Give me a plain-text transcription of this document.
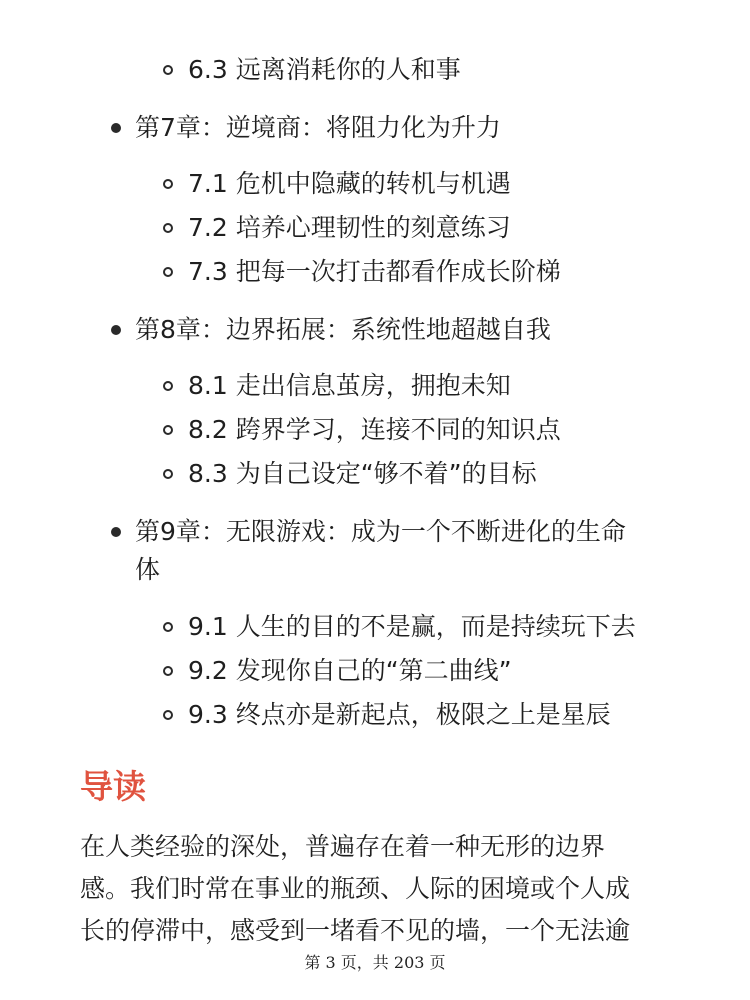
6.3 远离消耗你的人和事
第7章：逆境商：将阻力化为升力
7.1 危机中隐藏的转机与机遇
7.2 培养心理韧性的刻意练习
7.3 把每一次打击都看作成长阶梯
第8章：边界拓展：系统性地超越自我
8.1 走出信息茧房，拥抱未知
8.2 跨界学习，连接不同的知识点
8.3 为自己设定“够不着”的目标
第9章：无限游戏：成为一个不断进化的生命
体
9.1 人生的目的不是赢，而是持续玩下去
9.2 发现你自己的“第二曲线”
9.3 终点亦是新起点，极限之上是星辰
导读
在人类经验的深处，普遍存在着一种无形的边界
感。我们时常在事业的瓶颈、人际的困境或个人成
长的停滞中，感受到一堵看不见的墙，一个无法逾
第 3 页，共 203 页
